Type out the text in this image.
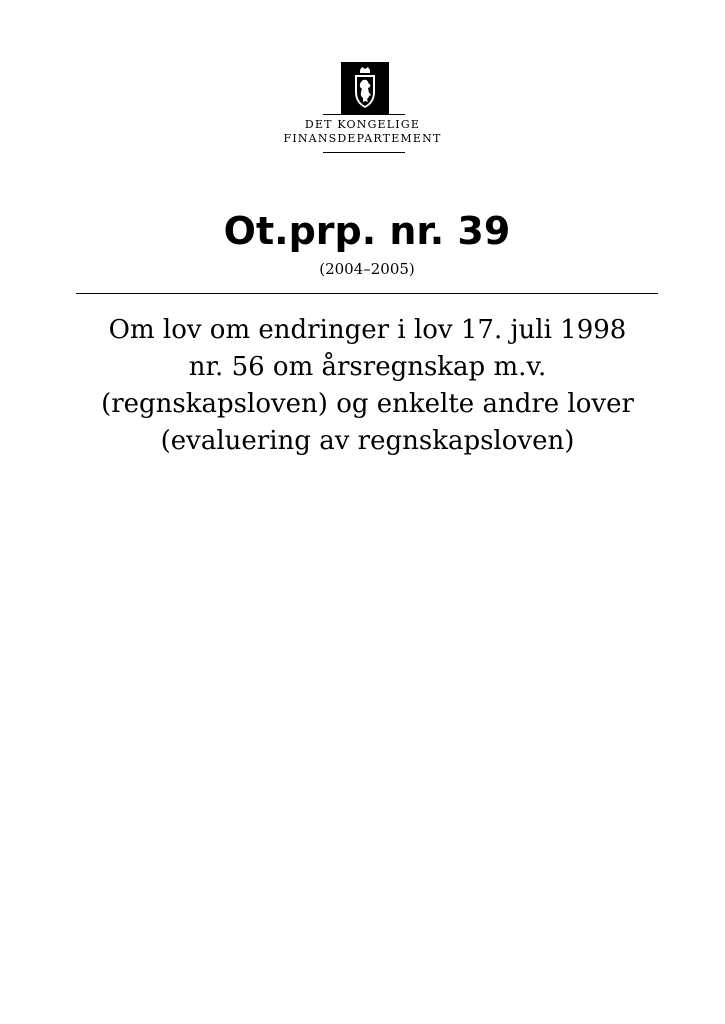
DET KONGELIGE
FINANSDEPARTEMENT
Ot.prp. nr. 39
(2004–2005)
Om lov om endringer i lov 17. juli 1998
nr. 56 om årsregnskap m.v.
(regnskapsloven) og enkelte andre lover
(evaluering av regnskapsloven)
